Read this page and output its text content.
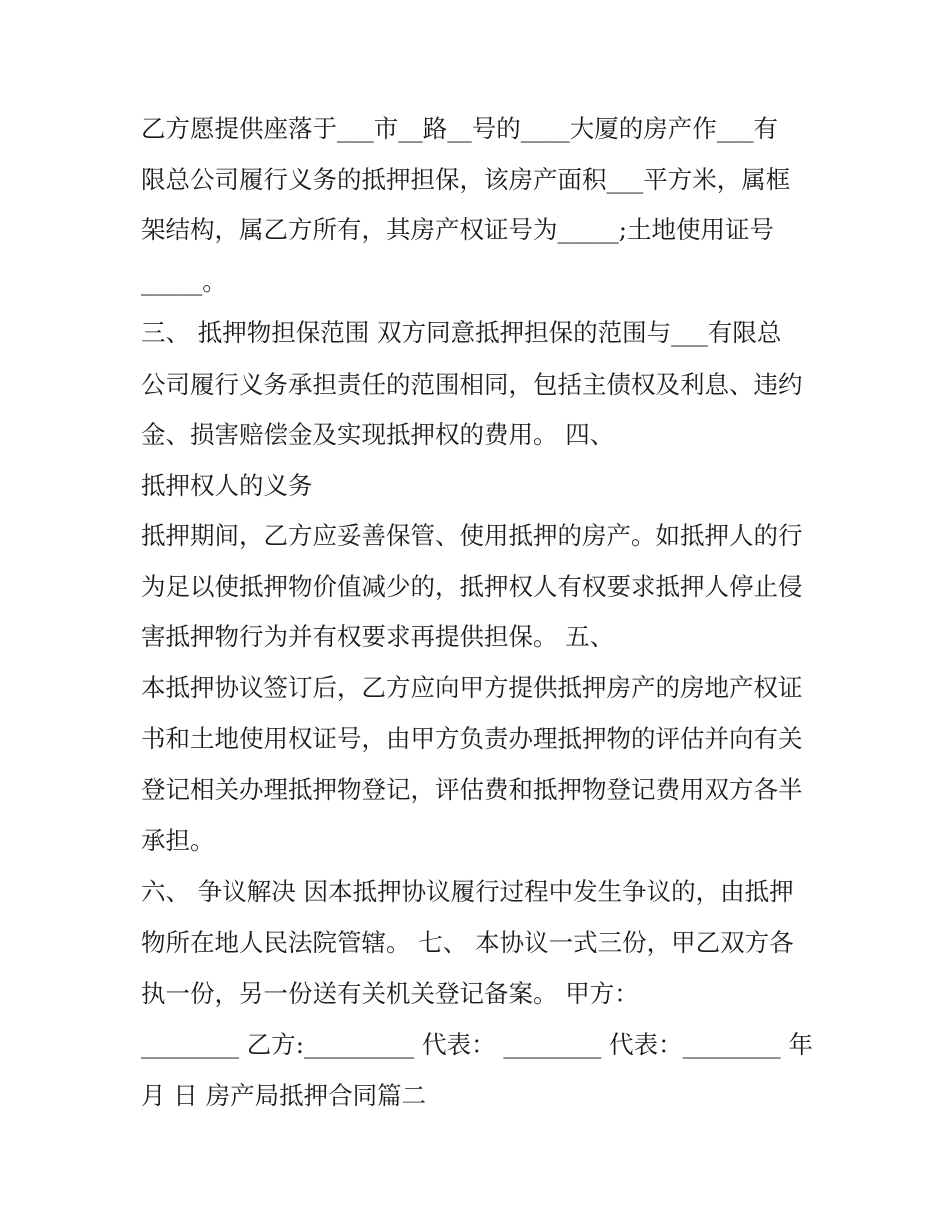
乙方愿提供座落于___市__路__号的____大厦的房产作___有

限总公司履行义务的抵押担保，该房产面积___平方米，属框

架结构，属乙方所有，其房产权证号为_____;土地使用证号

_____。

三、 抵押物担保范围 双方同意抵押担保的范围与___有限总

公司履行义务承担责任的范围相同，包括主债权及利息、违约

金、损害赔偿金及实现抵押权的费用。 四、

抵押权人的义务

抵押期间，乙方应妥善保管、使用抵押的房产。如抵押人的行

为足以使抵押物价值减少的，抵押权人有权要求抵押人停止侵

害抵押物行为并有权要求再提供担保。 五、

本抵押协议签订后，乙方应向甲方提供抵押房产的房地产权证

书和土地使用权证号，由甲方负责办理抵押物的评估并向有关

登记相关办理抵押物登记，评估费和抵押物登记费用双方各半

承担。

六、 争议解决 因本抵押协议履行过程中发生争议的，由抵押

物所在地人民法院管辖。 七、 本协议一式三份，甲乙双方各

执一份，另一份送有关机关登记备案。 甲方：

________ 乙方:_________ 代表： ________ 代表：________ 年

月 日 房产局抵押合同篇二
